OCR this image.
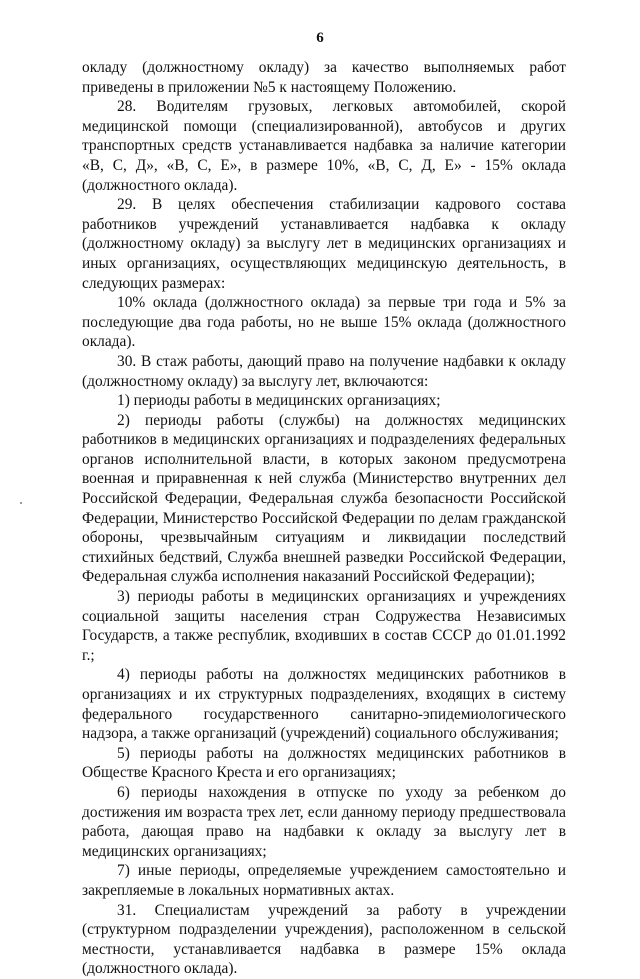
6

окладу (должностному окладу) за качество выполняемых работ приведены в приложении №5 к настоящему Положению.

28. Водителям грузовых, легковых автомобилей, скорой медицинской помощи (специализированной), автобусов и других транспортных средств устанавливается надбавка за наличие категории «В, С, Д», «В, С, Е», в размере 10%, «В, С, Д, Е» - 15% оклада (должностного оклада).

29. В целях обеспечения стабилизации кадрового состава работников учреждений устанавливается надбавка к окладу (должностному окладу) за выслугу лет в медицинских организациях и иных организациях, осуществляющих медицинскую деятельность, в следующих размерах:

10% оклада (должностного оклада) за первые три года и 5% за последующие два года работы, но не выше 15% оклада (должностного оклада).

30. В стаж работы, дающий право на получение надбавки к окладу (должностному окладу) за выслугу лет, включаются:

1) периоды работы в медицинских организациях;

2) периоды работы (службы) на должностях медицинских работников в медицинских организациях и подразделениях федеральных органов исполнительной власти, в которых законом предусмотрена военная и приравненная к ней служба (Министерство внутренних дел Российской Федерации, Федеральная служба безопасности Российской Федерации, Министерство Российской Федерации по делам гражданской обороны, чрезвычайным ситуациям и ликвидации последствий стихийных бедствий, Служба внешней разведки Российской Федерации, Федеральная служба исполнения наказаний Российской Федерации);

3) периоды работы в медицинских организациях и учреждениях социальной защиты населения стран Содружества Независимых Государств, а также республик, входивших в состав СССР до 01.01.1992 г.;

4) периоды работы на должностях медицинских работников в организациях и их структурных подразделениях, входящих в систему федерального государственного санитарно-эпидемиологического надзора, а также организаций (учреждений) социального обслуживания;

5) периоды работы на должностях медицинских работников в Обществе Красного Креста и его организациях;

6) периоды нахождения в отпуске по уходу за ребенком до достижения им возраста трех лет, если данному периоду предшествовала работа, дающая право на надбавки к окладу за выслугу лет в медицинских организациях;

7) иные периоды, определяемые учреждением самостоятельно и закрепляемые в локальных нормативных актах.

31. Специалистам учреждений за работу в учреждении (структурном подразделении учреждения), расположенном в сельской местности, устанавливается надбавка в размере 15% оклада (должностного оклада).
